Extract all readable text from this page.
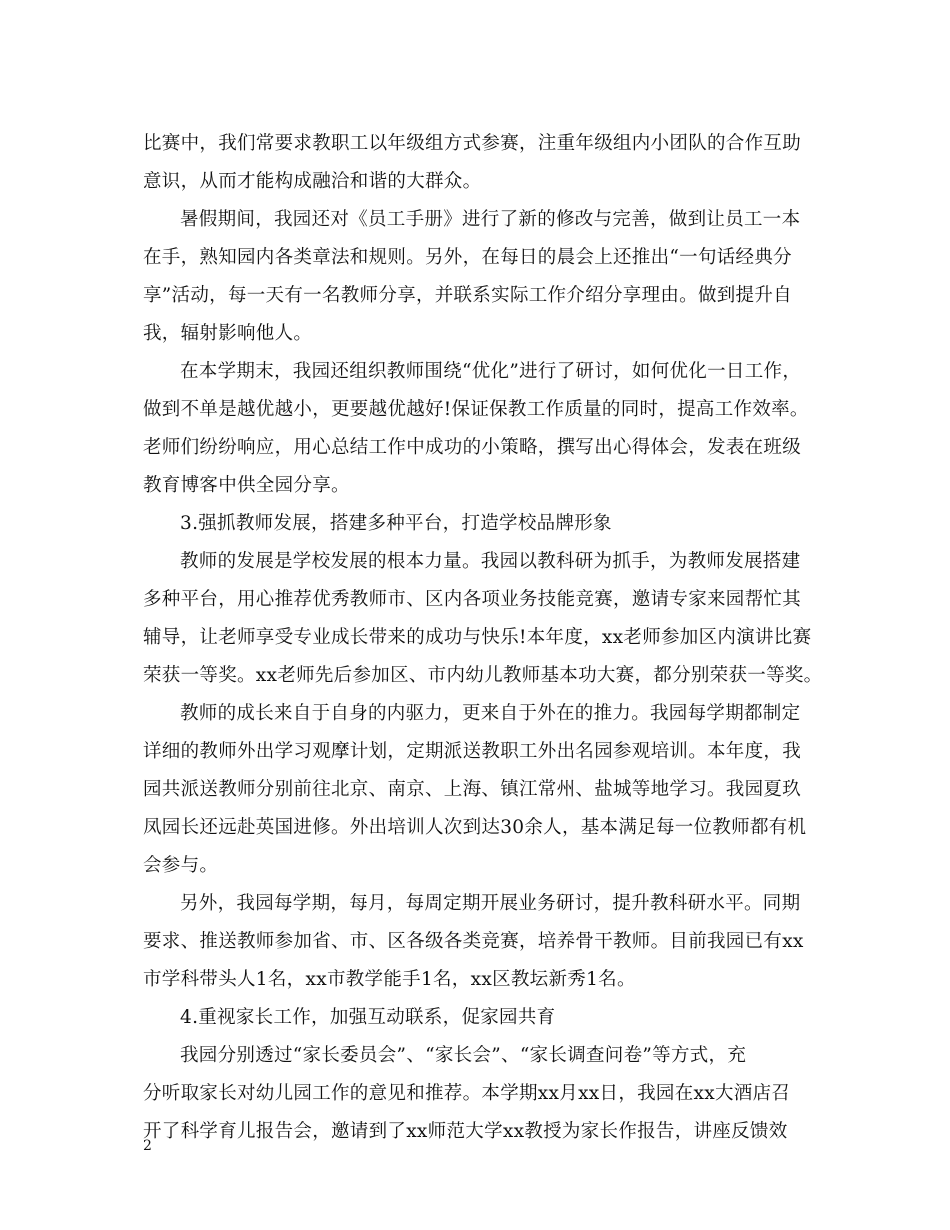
比赛中，我们常要求教职工以年级组方式参赛，注重年级组内小团队的合作互助
意识，从而才能构成融洽和谐的大群众。
暑假期间，我园还对《员工手册》进行了新的修改与完善，做到让员工一本
在手，熟知园内各类章法和规则。另外，在每日的晨会上还推出“一句话经典分
享”活动，每一天有一名教师分享，并联系实际工作介绍分享理由。做到提升自
我，辐射影响他人。
在本学期末，我园还组织教师围绕“优化”进行了研讨，如何优化一日工作，
做到不单是越优越小，更要越优越好!保证保教工作质量的同时，提高工作效率。
老师们纷纷响应，用心总结工作中成功的小策略，撰写出心得体会，发表在班级
教育博客中供全园分享。
3.强抓教师发展，搭建多种平台，打造学校品牌形象
教师的发展是学校发展的根本力量。我园以教科研为抓手，为教师发展搭建
多种平台，用心推荐优秀教师市、区内各项业务技能竞赛，邀请专家来园帮忙其
辅导，让老师享受专业成长带来的成功与快乐!本年度，xx老师参加区内演讲比赛
荣获一等奖。xx老师先后参加区、市内幼儿教师基本功大赛，都分别荣获一等奖。
教师的成长来自于自身的内驱力，更来自于外在的推力。我园每学期都制定
详细的教师外出学习观摩计划，定期派送教职工外出名园参观培训。本年度，我
园共派送教师分别前往北京、南京、上海、镇江常州、盐城等地学习。我园夏玖
凤园长还远赴英国进修。外出培训人次到达30余人，基本满足每一位教师都有机
会参与。
另外，我园每学期，每月，每周定期开展业务研讨，提升教科研水平。同期
要求、推送教师参加省、市、区各级各类竞赛，培养骨干教师。目前我园已有xx
市学科带头人1名，xx市教学能手1名，xx区教坛新秀1名。
4.重视家长工作，加强互动联系，促家园共育
我园分别透过“家长委员会”、“家长会”、“家长调查问卷”等方式，充
分听取家长对幼儿园工作的意见和推荐。本学期xx月xx日，我园在xx大酒店召
开了科学育儿报告会，邀请到了xx师范大学xx教授为家长作报告，讲座反馈效
2
